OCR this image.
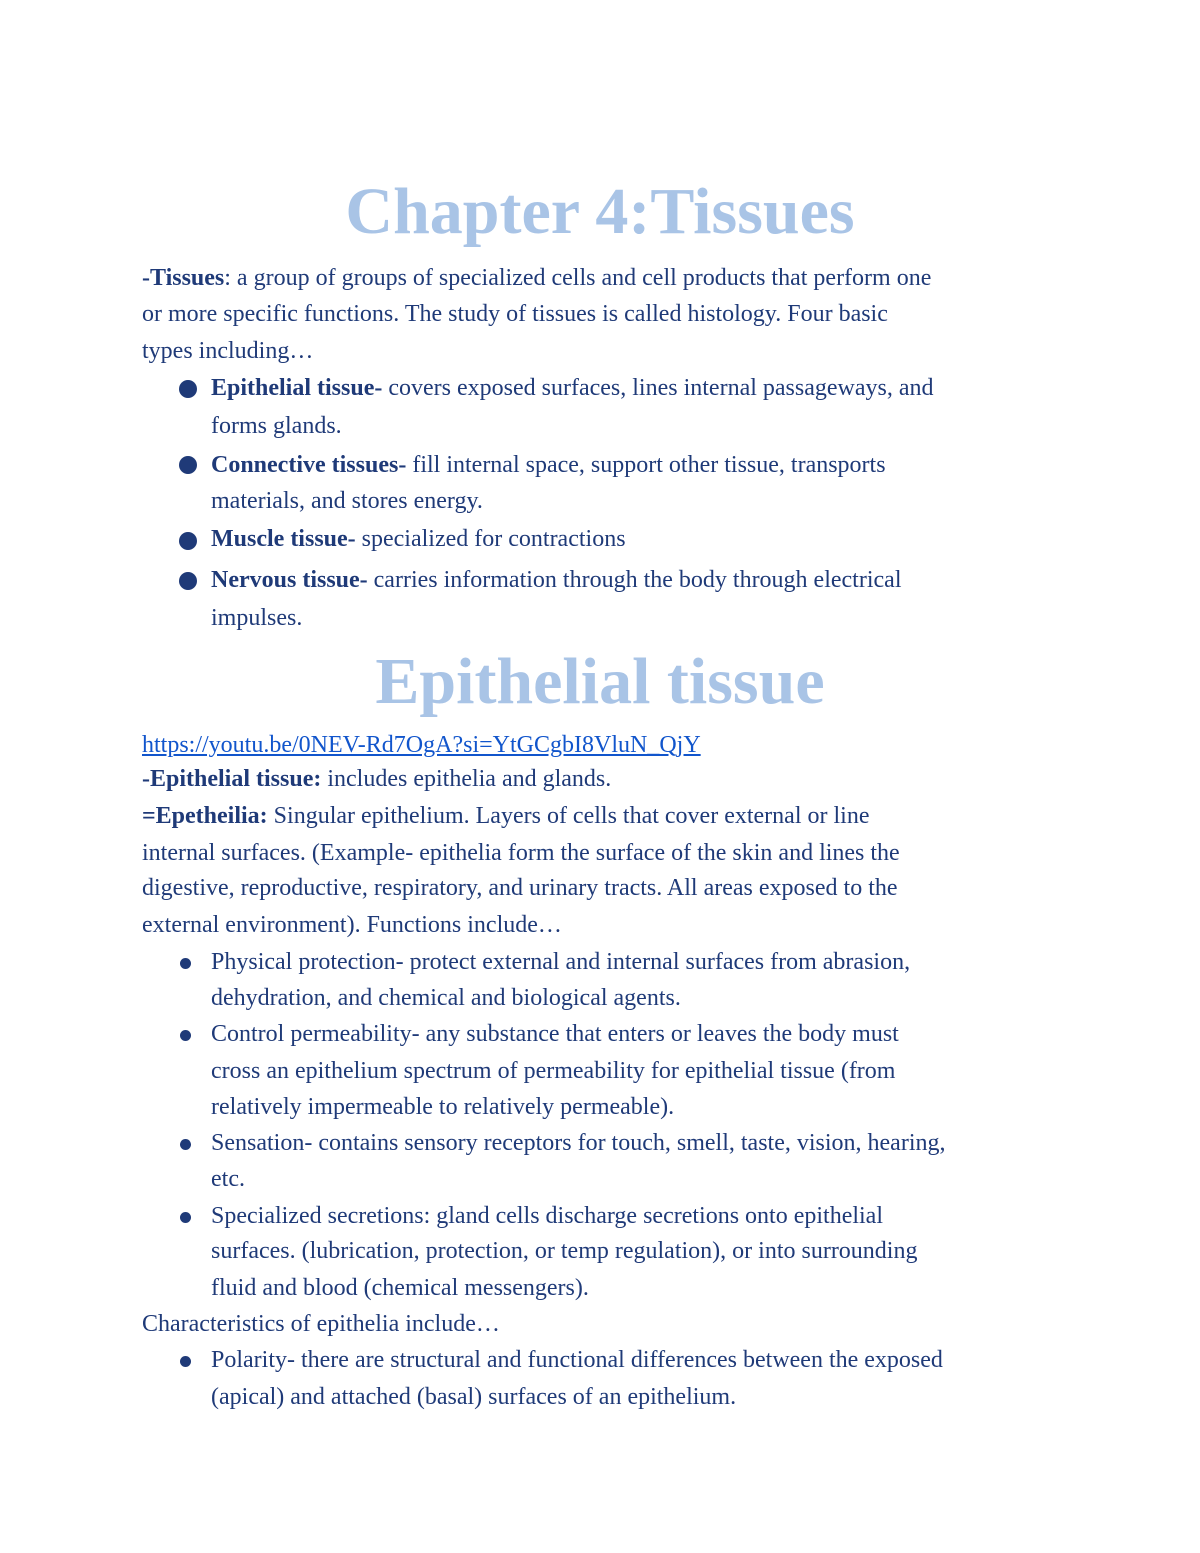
Chapter 4:Tissues

-Tissues: a group of groups of specialized cells and cell products that perform one

or more specific functions. The study of tissues is called histology. Four basic

types including…

Epithelial tissue- covers exposed surfaces, lines internal passageways, and

forms glands.

Connective tissues- fill internal space, support other tissue, transports

materials, and stores energy.

Muscle tissue- specialized for contractions

Nervous tissue- carries information through the body through electrical

impulses.

Epithelial tissue

https://youtu.be/0NEV-Rd7OgA?si=YtGCgbI8VluN_QjY

-Epithelial tissue: includes epithelia and glands.

=Epetheilia: Singular epithelium. Layers of cells that cover external or line

internal surfaces. (Example- epithelia form the surface of the skin and lines the

digestive, reproductive, respiratory, and urinary tracts. All areas exposed to the

external environment). Functions include…

Physical protection- protect external and internal surfaces from abrasion,

dehydration, and chemical and biological agents.

Control permeability- any substance that enters or leaves the body must

cross an epithelium spectrum of permeability for epithelial tissue (from

relatively impermeable to relatively permeable).

Sensation- contains sensory receptors for touch, smell, taste, vision, hearing,

etc.

Specialized secretions: gland cells discharge secretions onto epithelial

surfaces. (lubrication, protection, or temp regulation), or into surrounding

fluid and blood (chemical messengers).

Characteristics of epithelia include…

Polarity- there are structural and functional differences between the exposed

(apical) and attached (basal) surfaces of an epithelium.
